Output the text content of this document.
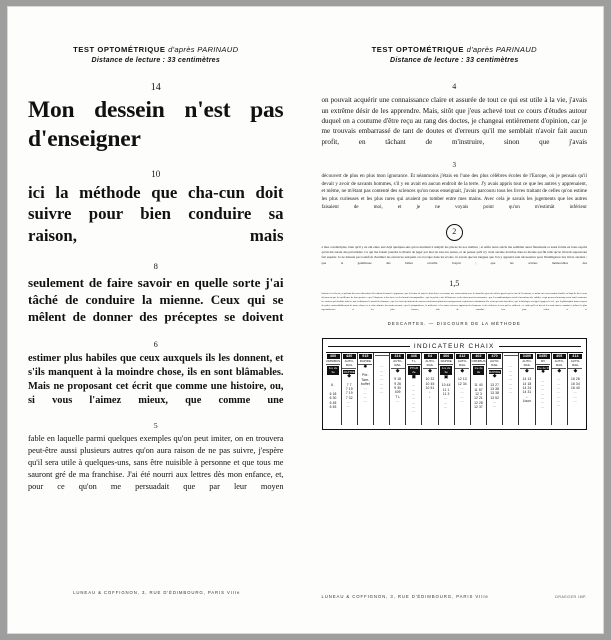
TEST OPTOMÉTRIQUE d'après PARINAUD
Distance de lecture : 33 centimètres
14
Mon dessein n'est pas d'enseigner
10
ici la méthode que cha-cun doit suivre pour bien conduire sa raison, mais
8
seulement de faire savoir en quelle sorte j'ai tâché de conduire la mienne. Ceux qui se mêlent de donner des préceptes se doivent
6
estimer plus habiles que ceux auxquels ils les donnent, et s'ils manquent à la moindre chose, ils en sont blâmables. Mais ne proposant cet écrit que comme une histoire, ou, si vous l'aimez mieux, que comme une
5
fable en laquelle parmi quelques exemples qu'on peut imiter, on en trouvera peut-être aussi plusieurs autres qu'on aura raison de ne pas suivre, j'espère qu'il sera utile à quelques-uns, sans être nuisible à personne et que tous me sauront gré de ma franchise. J'ai été nourri aux lettres dès mon enfance, et, pour ce qu'on me persuadait que par leur moyen
LUNEAU & COFFIGNON, 3, RUE D'ÉDIMBOURG, PARIS VIIIe
TEST OPTOMÉTRIQUE d'après PARINAUD
Distance de lecture : 33 centimètres
4
on pouvait acquérir une connaissance claire et assurée de tout ce qui est utile à la vie, j'avais un extrême désir de les apprendre. Mais, sitôt que j'eus achevé tout ce cours d'études autour duquel on a coutume d'être reçu au rang des doctes, je changeai entièrement d'opinion, car je me trouvais embarrassé de tant de doutes et d'erreurs qu'il me semblait n'avoir fait aucun profit, en tâchant de m'instruire, sinon que j'avais
3
découvert de plus en plus mon ignorance. Et néanmoins j'étais en l'une des plus célèbres écoles de l'Europe, où je pensais qu'il devait y avoir de savants hommes, s'il y en avait en aucun endroit de la terre. J'y avais appris tout ce que les autres y apprenaient, et même, ne m'étant pas contenté des sciences qu'on nous enseignait, j'avais parcouru tous les livres traitant de celles qu'on estime les plus curieuses et les plus rares qui avaient pu tomber entre mes mains. Avec cela je savais les jugements que les autres faisaient de moi, et je ne voyais point qu'on m'estimât inférieur
2
à mes condisciples, bien qu'il y en eût entre eux déjà quelques-uns qu'on destinait à remplir les places de nos maîtres ; et enfin notre siècle me semblait aussi fleurissant et aussi fertile en bons esprits qu'ait été aucun des précédents. Ce qui me faisait prendre la liberté de juger par moi de tous les autres, et de penser qu'il n'y avait aucune doctrine dans le monde qui fût telle qu'on m'avait auparavant fait espérer. Je ne laissais pas toutefois d'estimer les exercices auxquels on s'occupe dans les écoles. Je savais que les langues que l'on y apprend sont nécessaires pour l'intelligence des livres anciens ; que la gentillesse des fables réveille l'esprit ; que les actions mémorables des
1,5
histoires le relèvent, et qu'étant lues avec discrétion elles aident à former le jugement ; que la lecture de tous les bons livres est comme une conversation avec les honnêtes gens des siècles passés qui en ont été les auteurs, et même une conversation étudiée en laquelle ils ne nous découvrent que les meilleures de leurs pensées ; que l'éloquence a des forces et des beautés incomparables ; que la poésie a des délicatesses et des douceurs très ravissantes ; que les mathématiques ont des inventions très subtiles et qui peuvent beaucoup servir tant à contenter les curieux qu'à faciliter tous les arts et diminuer le travail des hommes ; que les écrits qui traitent des mœurs contiennent plusieurs enseignements et plusieurs exhortations à la vertu qui sont fort utiles ; que la théologie enseigne à gagner le ciel ; que la philosophie donne moyen de parler vraisemblablement de toutes choses et se faire admirer des moins savants ; que la jurisprudence, la médecine et les autres sciences apportent des honneurs et des richesses à ceux qui les cultivent ; et enfin qu'il est bon de les avoir toutes examinées, même les plus superstitieuses et les plus fausses, afin de connaître leur juste valeur et se
DESCARTES. — DISCOURS DE LA MÉTHODE
INDICATEUR CHAIX
400
OMNIBUS
1re 2e 3e
6 .
.
6 18
6 30
6 45
6 53
430
AUTO-RAIL
RAPIDE
◆
7 7
7 19
7 19
7 32
…
…
915
RAPIDE
✹
Pte-
Tare-
buffet
…
…
…
…
…
…
…
…
…
…
…
416
AUTO-RAIL
◆
9 18
9 26
9 30
409
T L
…
446
T L
PTGR 2e
◼
…
…
…
…
…
…
…
64
AUTO-RAIL
◆
10 32
10 45
10 51
↓
↓
406
RAPIDE
1re 2e 3e
▣
10 44
11 1
11 3
…
…
…
412
AUTO-RAIL
◆
12 13
12 34
…
…
…
…
402
OMNIBUS
1re 2e 3e
11 40
11 57
12 3
12 21
12 28
12 37
470
AUTO-RAIL
RAPIDE
◆
13 27
13 38
13 38
13 52
…
…
…
…
…
…
…
…
…
3400
AUTO-RAIL
◆
14 13
14 18
14 24
14 31
↓
Lison
3450
RV
1re 2e D
✹
…
…
…
…
…
…
…
405
AUTO-RAIL
◆
…
…
…
…
…
…
…
414
AUTO-RAIL
◆
16 28
16 34
16 40
…
…
…
LUNEAU & COFFIGNON, 3, RUE D'ÉDIMBOURG, PARIS VIIIe	DRAEGER IMP.
